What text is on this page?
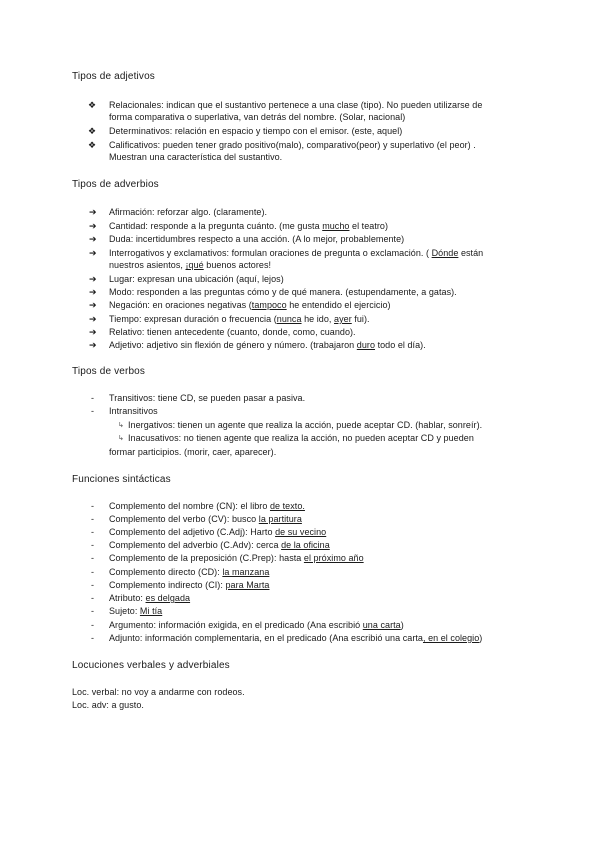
Tipos de adjetivos
❖ Relacionales: indican que el sustantivo pertenece a una clase (tipo). No pueden utilizarse de
forma comparativa o superlativa, van detrás del nombre. (Solar, nacional)
❖ Determinativos: relación en espacio y tiempo con el emisor. (este, aquel)
❖ Calificativos: pueden tener grado positivo(malo), comparativo(peor) y superlativo (el peor) .
Muestran una característica del sustantivo.
Tipos de adverbios
➔ Afirmación: reforzar algo. (claramente).
➔ Cantidad: responde a la pregunta cuánto. (me gusta mucho el teatro)
➔ Duda: incertidumbres respecto a una acción. (A lo mejor, probablemente)
➔ Interrogativos y exclamativos: formulan oraciones de pregunta o exclamación. ( Dónde están
nuestros asientos, ¡qué buenos actores!
➔ Lugar: expresan una ubicación (aquí, lejos)
➔ Modo: responden a las preguntas cómo y de qué manera. (estupendamente, a gatas).
➔ Negación: en oraciones negativas (tampoco he entendido el ejercicio)
➔ Tiempo: expresan duración o frecuencia (nunca he ido, ayer fui).
➔ Relativo: tienen antecedente (cuanto, donde, como, cuando).
➔ Adjetivo: adjetivo sin flexión de género y número. (trabajaron duro todo el día).
Tipos de verbos
- Transitivos: tiene CD, se pueden pasar a pasiva.
- Intransitivos
↳ Inergativos: tienen un agente que realiza la acción, puede aceptar CD. (hablar, sonreír).
↳ Inacusativos: no tienen agente que realiza la acción, no pueden aceptar CD y pueden
formar participios. (morir, caer, aparecer).
Funciones sintácticas
- Complemento del nombre (CN): el libro de texto.
- Complemento del verbo (CV): busco la partitura
- Complemento del adjetivo (C.Adj): Harto de su vecino
- Complemento del adverbio (C.Adv): cerca de la oficina
- Complemento de la preposición (C.Prep): hasta el próximo año
- Complemento directo (CD): la manzana
- Complemento indirecto (CI): para Marta
- Atributo: es delgada
- Sujeto: Mi tía
- Argumento: información exigida, en el predicado (Ana escribió una carta)
- Adjunto: información complementaria, en el predicado (Ana escribió una carta, en el colegio)
Locuciones verbales y adverbiales
Loc. verbal: no voy a andarme con rodeos.
Loc. adv: a gusto.
